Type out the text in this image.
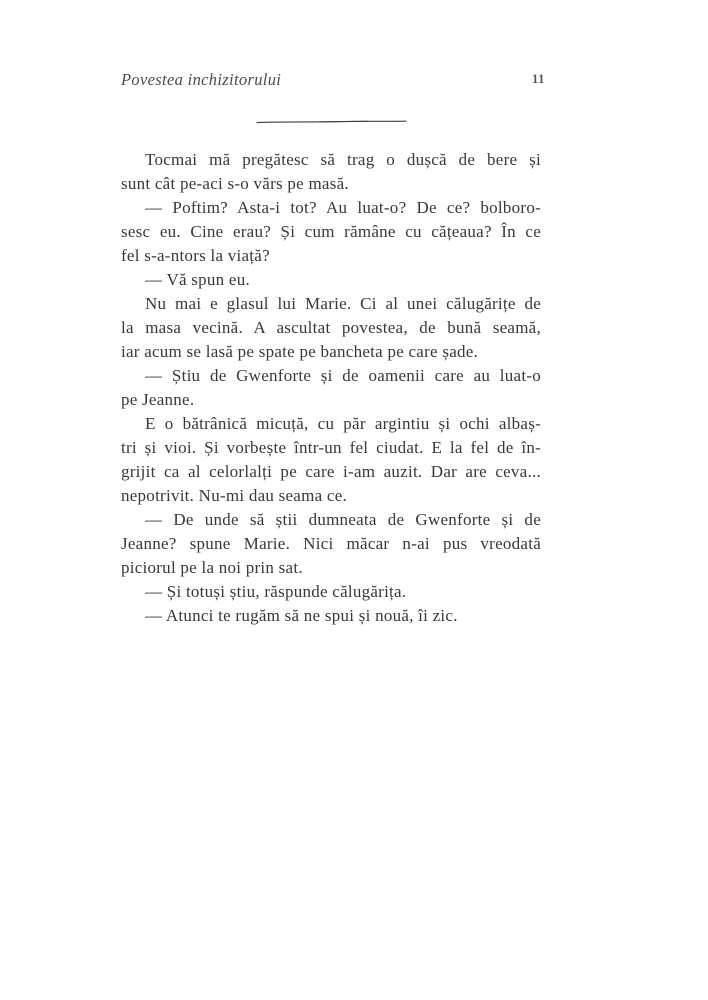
Povestea inchizitorului	11
Tocmai mă pregătesc să trag o dușcă de bere și
sunt cât pe-aci s-o vărs pe masă.
— Poftim? Asta-i tot? Au luat-o? De ce? bolboro-
sesc eu. Cine erau? Și cum rămâne cu cățeaua? În ce
fel s-a-ntors la viață?
— Vă spun eu.
Nu mai e glasul lui Marie. Ci al unei călugărițe de
la masa vecină. A ascultat povestea, de bună seamă,
iar acum se lasă pe spate pe bancheta pe care șade.
— Știu de Gwenforte și de oamenii care au luat-o
pe Jeanne.
E o bătrânică micuță, cu păr argintiu și ochi albaș-
tri și vioi. Și vorbește într-un fel ciudat. E la fel de în-
grijit ca al celorlalți pe care i-am auzit. Dar are ceva...
nepotrivit. Nu-mi dau seama ce.
— De unde să știi dumneata de Gwenforte și de
Jeanne? spune Marie. Nici măcar n-ai pus vreodată
piciorul pe la noi prin sat.
— Și totuși știu, răspunde călugărița.
— Atunci te rugăm să ne spui și nouă, îi zic.
